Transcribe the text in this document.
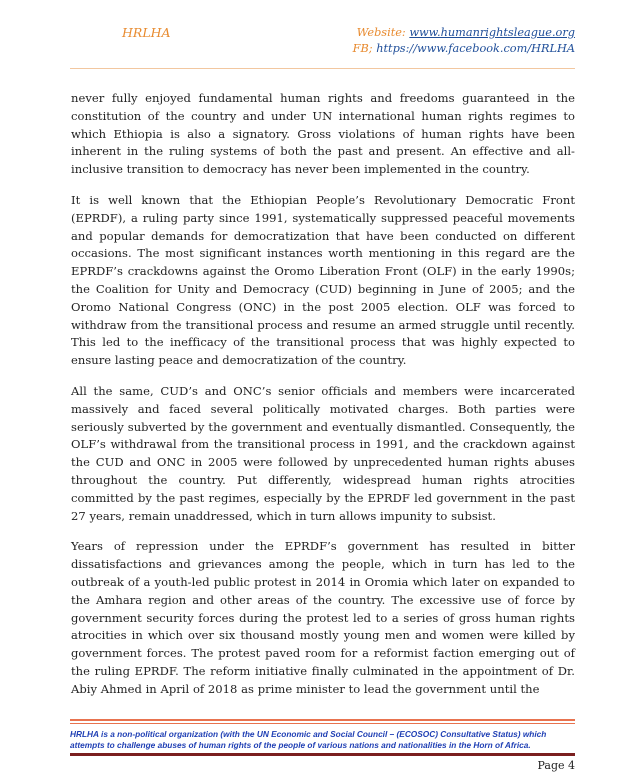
HRLHA	Website: www.humanrightsleague.org
FB; https://www.facebook.com/HRLHA

never fully enjoyed fundamental human rights and freedoms guaranteed in the constitution of the country and under UN international human rights regimes to which Ethiopia is also a signatory. Gross violations of human rights have been inherent in the ruling systems of both the past and present. An effective and all-inclusive transition to democracy has never been implemented in the country.

It is well known that the Ethiopian People’s Revolutionary Democratic Front (EPRDF), a ruling party since 1991, systematically suppressed peaceful movements and popular demands for democratization that have been conducted on different occasions. The most significant instances worth mentioning in this regard are the EPRDF’s crackdowns against the Oromo Liberation Front (OLF) in the early 1990s; the Coalition for Unity and Democracy (CUD) beginning in June of 2005; and the Oromo National Congress (ONC) in the post 2005 election. OLF was forced to withdraw from the transitional process and resume an armed struggle until recently. This led to the inefficacy of the transitional process that was highly expected to ensure lasting peace and democratization of the country.

All the same, CUD’s and ONC’s senior officials and members were incarcerated massively and faced several politically motivated charges. Both parties were seriously subverted by the government and eventually dismantled. Consequently, the OLF’s withdrawal from the transitional process in 1991, and the crackdown against the CUD and ONC in 2005 were followed by unprecedented human rights abuses throughout the country. Put differently, widespread human rights atrocities committed by the past regimes, especially by the EPRDF led government in the past 27 years, remain unaddressed, which in turn allows impunity to subsist.

Years of repression under the EPRDF’s government has resulted in bitter dissatisfactions and grievances among the people, which in turn has led to the outbreak of a youth-led public protest in 2014 in Oromia which later on expanded to the Amhara region and other areas of the country. The excessive use of force by government security forces during the protest led to a series of gross human rights atrocities in which over six thousand mostly young men and women were killed by government forces. The protest paved room for a reformist faction emerging out of the ruling EPRDF. The reform initiative finally culminated in the appointment of Dr. Abiy Ahmed in April of 2018 as prime minister to lead the government until the

HRLHA is a non-political organization (with the UN Economic and Social Council – (ECOSOC) Consultative Status) which attempts to challenge abuses of human rights of the people of various nations and nationalities in the Horn of Africa.
Page 4
